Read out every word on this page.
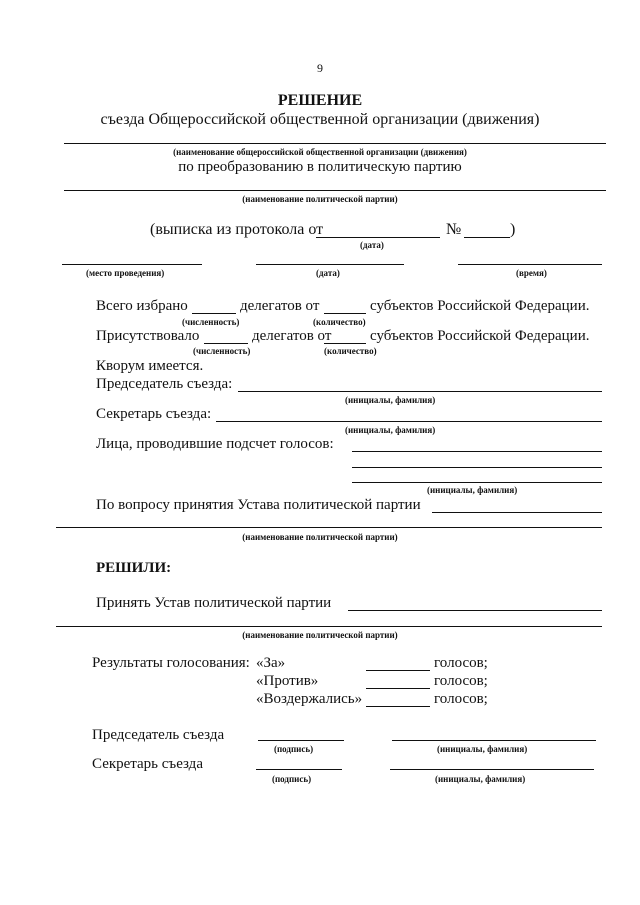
9
РЕШЕНИЕ
съезда Общероссийской общественной организации (движения)
(наименование общероссийской общественной организации (движения)
по преобразованию в политическую партию
(наименование политической партии)
(выписка из протокола от	№	)
(дата)
(место проведения)	(дата)	(время)
Всего избрано	делегатов от	субъектов Российской Федерации.
(численность)	(количество)
Присутствовало	делегатов от	субъектов Российской Федерации.
(численность)	(количество)
Кворум имеется.
Председатель съезда:
(инициалы, фамилия)
Секретарь съезда:
(инициалы, фамилия)
Лица, проводившие подсчет голосов:
(инициалы, фамилия)
По вопросу принятия Устава политической партии
(наименование политической партии)
РЕШИЛИ:
Принять Устав политической партии
(наименование политической партии)
Результаты голосования: «За»	голосов;
«Против»	голосов;
«Воздержались»	голосов;
Председатель съезда
(подпись)	(инициалы, фамилия)
Секретарь съезда
(подпись)	(инициалы, фамилия)
